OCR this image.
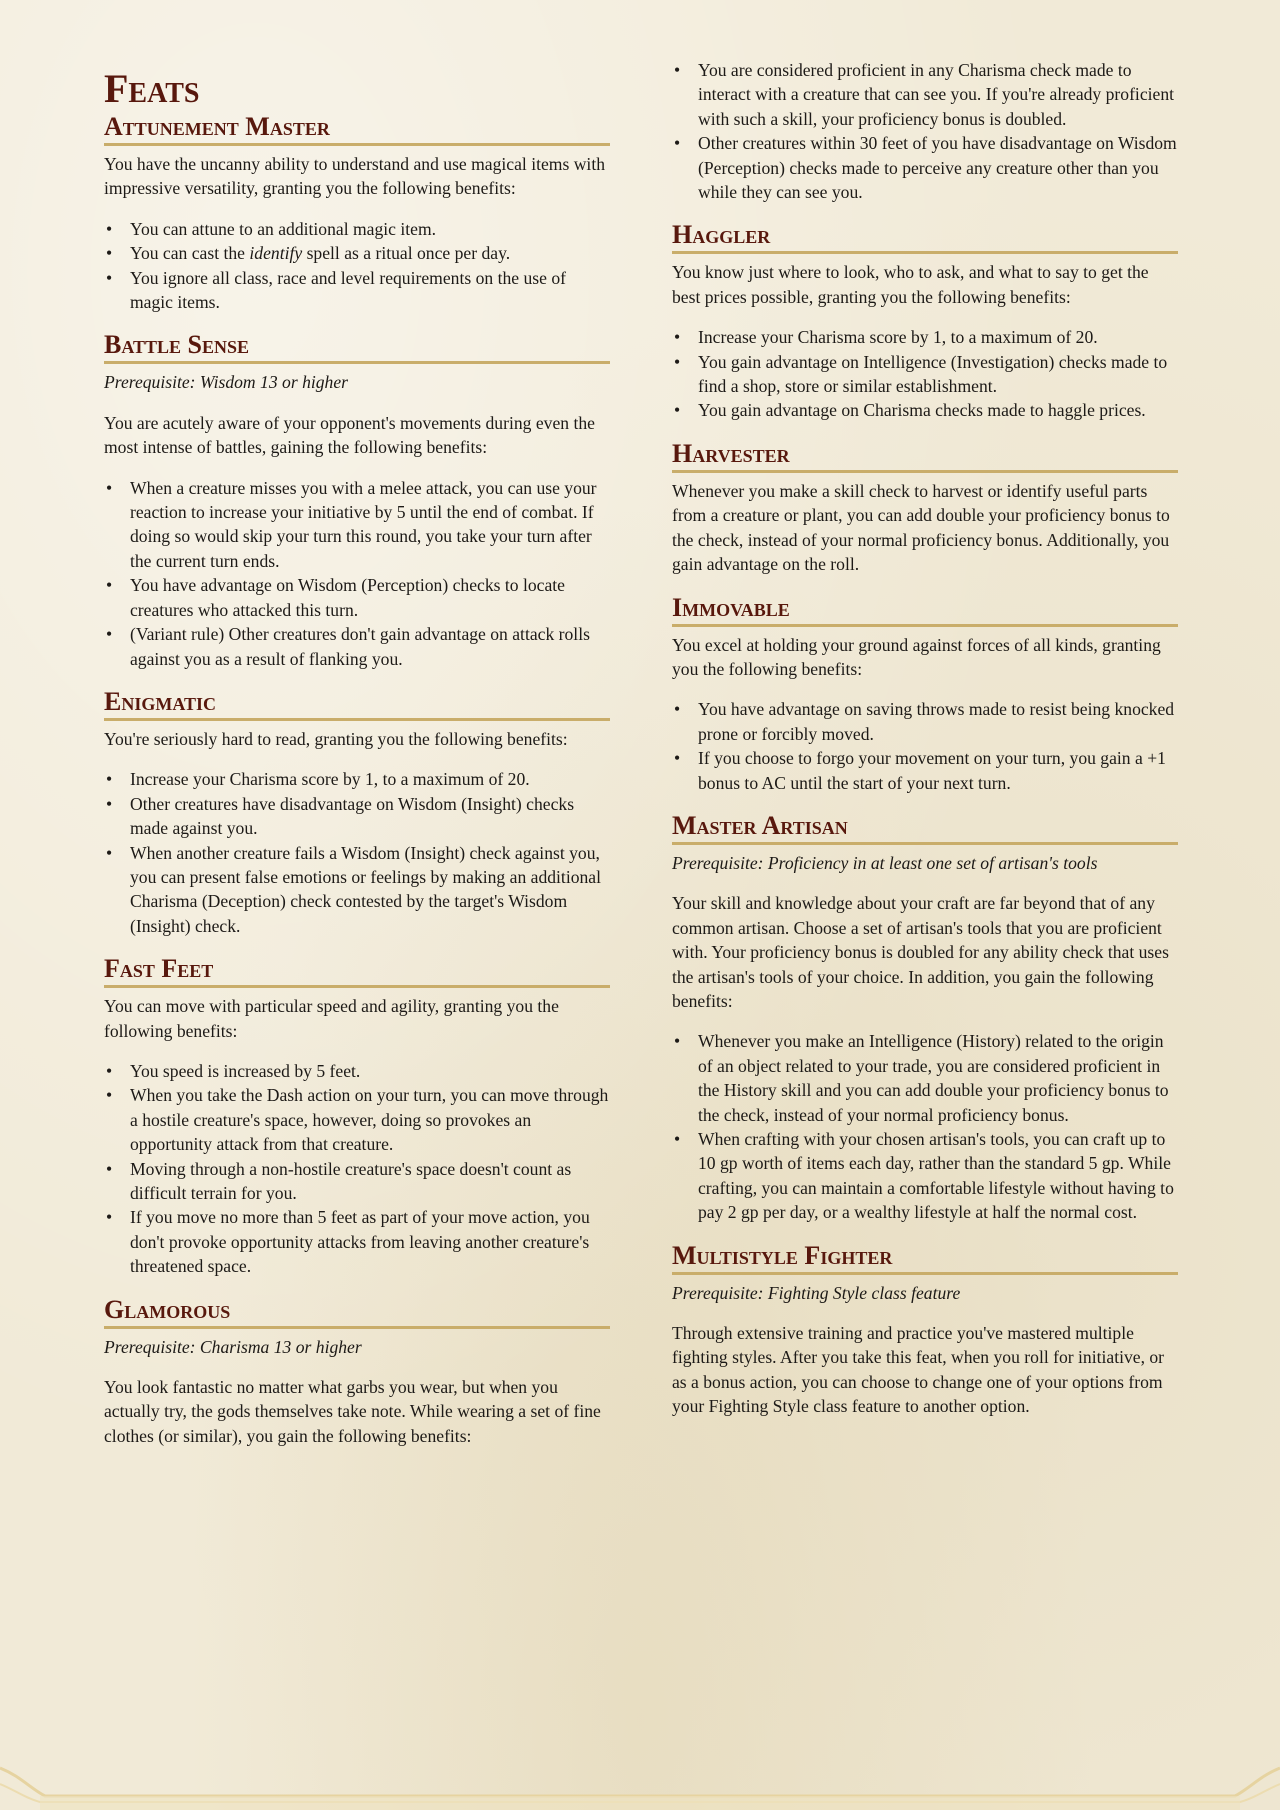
Feats
Attunement Master

You have the uncanny ability to understand and use magical items with impressive versatility, granting you the following benefits:

• You can attune to an additional magic item.
• You can cast the identify spell as a ritual once per day.
• You ignore all class, race and level requirements on the use of magic items.
Battle Sense

Prerequisite: Wisdom 13 or higher

You are acutely aware of your opponent's movements during even the most intense of battles, gaining the following benefits:

• When a creature misses you with a melee attack, you can use your reaction to increase your initiative by 5 until the end of combat. If doing so would skip your turn this round, you take your turn after the current turn ends.
• You have advantage on Wisdom (Perception) checks to locate creatures who attacked this turn.
• (Variant rule) Other creatures don't gain advantage on attack rolls against you as a result of flanking you.
Enigmatic

You're seriously hard to read, granting you the following benefits:

• Increase your Charisma score by 1, to a maximum of 20.
• Other creatures have disadvantage on Wisdom (Insight) checks made against you.
• When another creature fails a Wisdom (Insight) check against you, you can present false emotions or feelings by making an additional Charisma (Deception) check contested by the target's Wisdom (Insight) check.
Fast Feet

You can move with particular speed and agility, granting you the following benefits:

• You speed is increased by 5 feet.
• When you take the Dash action on your turn, you can move through a hostile creature's space, however, doing so provokes an opportunity attack from that creature.
• Moving through a non-hostile creature's space doesn't count as difficult terrain for you.
• If you move no more than 5 feet as part of your move action, you don't provoke opportunity attacks from leaving another creature's threatened space.
Glamorous

Prerequisite: Charisma 13 or higher

You look fantastic no matter what garbs you wear, but when you actually try, the gods themselves take note. While wearing a set of fine clothes (or similar), you gain the following benefits:

• You are considered proficient in any Charisma check made to interact with a creature that can see you. If you're already proficient with such a skill, your proficiency bonus is doubled.
• Other creatures within 30 feet of you have disadvantage on Wisdom (Perception) checks made to perceive any creature other than you while they can see you.
Haggler

You know just where to look, who to ask, and what to say to get the best prices possible, granting you the following benefits:

• Increase your Charisma score by 1, to a maximum of 20.
• You gain advantage on Intelligence (Investigation) checks made to find a shop, store or similar establishment.
• You gain advantage on Charisma checks made to haggle prices.
Harvester

Whenever you make a skill check to harvest or identify useful parts from a creature or plant, you can add double your proficiency bonus to the check, instead of your normal proficiency bonus. Additionally, you gain advantage on the roll.

Immovable

You excel at holding your ground against forces of all kinds, granting you the following benefits:

• You have advantage on saving throws made to resist being knocked prone or forcibly moved.
• If you choose to forgo your movement on your turn, you gain a +1 bonus to AC until the start of your next turn.
Master Artisan

Prerequisite: Proficiency in at least one set of artisan's tools

Your skill and knowledge about your craft are far beyond that of any common artisan. Choose a set of artisan's tools that you are proficient with. Your proficiency bonus is doubled for any ability check that uses the artisan's tools of your choice. In addition, you gain the following benefits:

• Whenever you make an Intelligence (History) related to the origin of an object related to your trade, you are considered proficient in the History skill and you can add double your proficiency bonus to the check, instead of your normal proficiency bonus.
• When crafting with your chosen artisan's tools, you can craft up to 10 gp worth of items each day, rather than the standard 5 gp. While crafting, you can maintain a comfortable lifestyle without having to pay 2 gp per day, or a wealthy lifestyle at half the normal cost.
Multistyle Fighter

Prerequisite: Fighting Style class feature

Through extensive training and practice you've mastered multiple fighting styles. After you take this feat, when you roll for initiative, or as a bonus action, you can choose to change one of your options from your Fighting Style class feature to another option.
